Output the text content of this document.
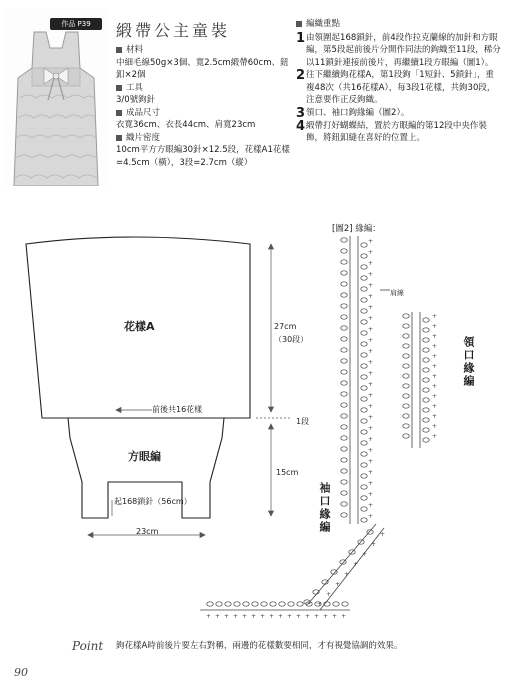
作品 P39	緞帶公主童裝
材料
中細毛線50g×3個、寬2.5cm緞帶60cm、鈕釦×2個
工具
3/0號鉤針
成品尺寸
衣寬36cm、衣長44cm、肩寬23cm
織片密度
10cm平方方眼編30針×12.5段，花樣A1花樣=4.5cm（橫），3段=2.7cm（縱）
編織重點
1 由領圍起168鎖針，前4段作拉克蘭線的加針和方眼編，第5段起前後片分開作同法的鉤織至11段，稀分以11鎖針連接前後片，再繼續1段方眼編（圖1）。
2 往下繼續鉤花樣A，第1段鉤「1短針、5鎖針」，重複48次（共16花樣A），每3段1花樣，共鉤30段，注意要作正反鉤織。
3 領口、袖口鉤緣編（圖2）。
4 緞帶打好蝴蝶結，置於方眼編的第12段中央作裝飾，將鈕釦縫在喜好的位置上。
花樣A
前後共16花樣
方眼編
起168鎖針（56cm）
27cm
（30段）
1段
15cm
23cm
[圖2] 緣編：
+
+
+
+
+
+
+
+
+
+
+
+
+
+
+
+
+
+
+
+
+
+
+
+
+
+
+
+
+
+
+
+
+
+
+
+
+
+
+
+
+
+
+
+
+
+
+
+ + + + + + + + + + + + + + + +
肩線
領口緣編
袖口緣編
Point 鉤花樣A時前後片要左右對稱，兩邊的花樣數要相同，才有視覺協調的效果。
90
